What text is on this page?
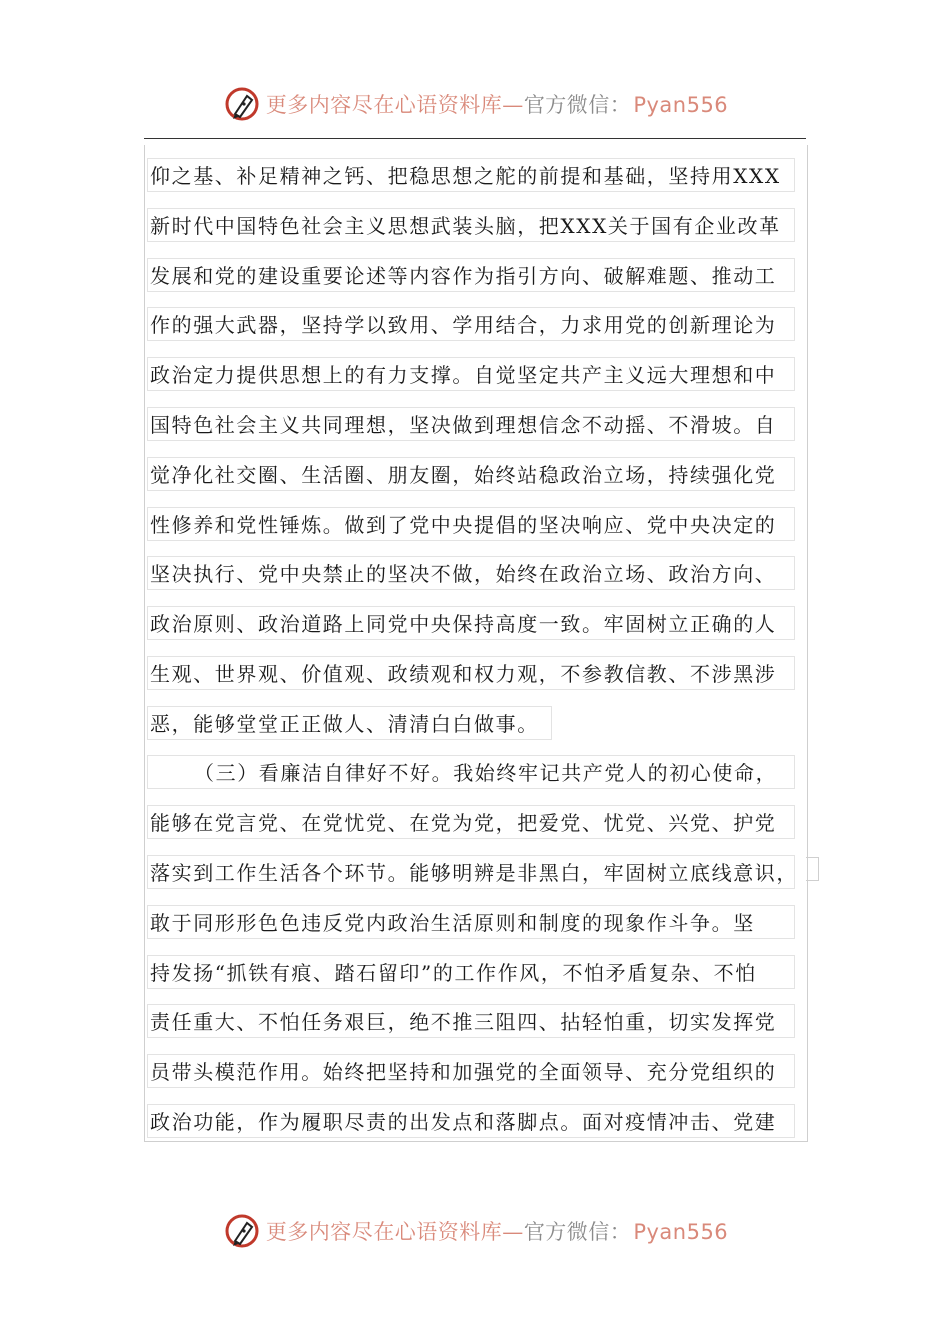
更多内容尽在心语资料库—官方微信：Pyan556
仰之基、补足精神之钙、把稳思想之舵的前提和基础，坚持用XXX
新时代中国特色社会主义思想武装头脑，把XXX关于国有企业改革
发展和党的建设重要论述等内容作为指引方向、破解难题、推动工
作的强大武器，坚持学以致用、学用结合，力求用党的创新理论为
政治定力提供思想上的有力支撑。自觉坚定共产主义远大理想和中
国特色社会主义共同理想，坚决做到理想信念不动摇、不滑坡。自
觉净化社交圈、生活圈、朋友圈，始终站稳政治立场，持续强化党
性修养和党性锤炼。做到了党中央提倡的坚决响应、党中央决定的
坚决执行、党中央禁止的坚决不做，始终在政治立场、政治方向、
政治原则、政治道路上同党中央保持高度一致。牢固树立正确的人
生观、世界观、价值观、政绩观和权力观，不参教信教、不涉黑涉
恶，能够堂堂正正做人、清清白白做事。
（三）看廉洁自律好不好。我始终牢记共产党人的初心使命，
能够在党言党、在党忧党、在党为党，把爱党、忧党、兴党、护党
落实到工作生活各个环节。能够明辨是非黑白，牢固树立底线意识，
敢于同形形色色违反党内政治生活原则和制度的现象作斗争。坚
持发扬“抓铁有痕、踏石留印”的工作作风，不怕矛盾复杂、不怕
责任重大、不怕任务艰巨，绝不推三阻四、拈轻怕重，切实发挥党
员带头模范作用。始终把坚持和加强党的全面领导、充分党组织的
政治功能，作为履职尽责的出发点和落脚点。面对疫情冲击、党建
更多内容尽在心语资料库—官方微信：Pyan556
